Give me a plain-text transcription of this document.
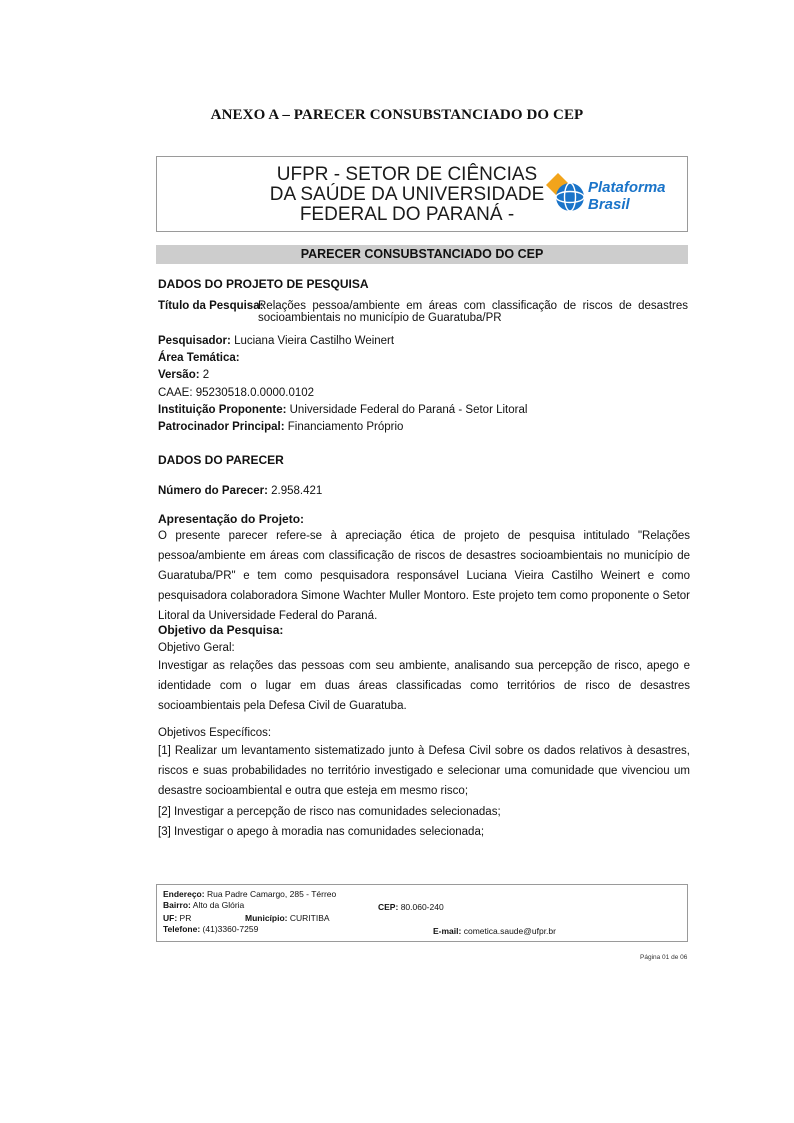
ANEXO A – PARECER CONSUBSTANCIADO DO CEP
UFPR - SETOR DE CIÊNCIAS
DA SAÚDE DA UNIVERSIDADE
FEDERAL DO PARANÁ -
Plataforma
Brasil
PARECER CONSUBSTANCIADO DO CEP
DADOS DO PROJETO DE PESQUISA
Título da Pesquisa:
Relações pessoa/ambiente em áreas com classificação de riscos de desastres socioambientais no município de Guaratuba/PR
Pesquisador: Luciana Vieira Castilho Weinert
Área Temática:
Versão: 2
CAAE: 95230518.0.0000.0102
Instituição Proponente: Universidade Federal do Paraná - Setor Litoral
Patrocinador Principal: Financiamento Próprio
DADOS DO PARECER
Número do Parecer: 2.958.421
Apresentação do Projeto:
O presente parecer refere-se à apreciação ética de projeto de pesquisa intitulado "Relações pessoa/ambiente em áreas com classificação de riscos de desastres socioambientais no município de Guaratuba/PR" e tem como pesquisadora responsável Luciana Vieira Castilho Weinert e como pesquisadora colaboradora Simone Wachter Muller Montoro. Este projeto tem como proponente o Setor Litoral da Universidade Federal do Paraná.
Objetivo da Pesquisa:
Objetivo Geral:
Investigar as relações das pessoas com seu ambiente, analisando sua percepção de risco, apego e identidade com o lugar em duas áreas classificadas como territórios de risco de desastres socioambientais pela Defesa Civil de Guaratuba.
Objetivos Específicos:
[1] Realizar um levantamento sistematizado junto à Defesa Civil sobre os dados relativos à desastres, riscos e suas probabilidades no território investigado e selecionar uma comunidade que vivenciou um desastre socioambiental e outra que esteja em mesmo risco;
[2] Investigar a percepção de risco nas comunidades selecionadas;
[3] Investigar o apego à moradia nas comunidades selecionada;
Endereço: Rua Padre Camargo, 285 - Térreo
Bairro: Alto da Glória	CEP: 80.060-240
UF: PR	Município: CURITIBA
Telefone: (41)3360-7259	E-mail: cometica.saude@ufpr.br
Página 01 de 06
